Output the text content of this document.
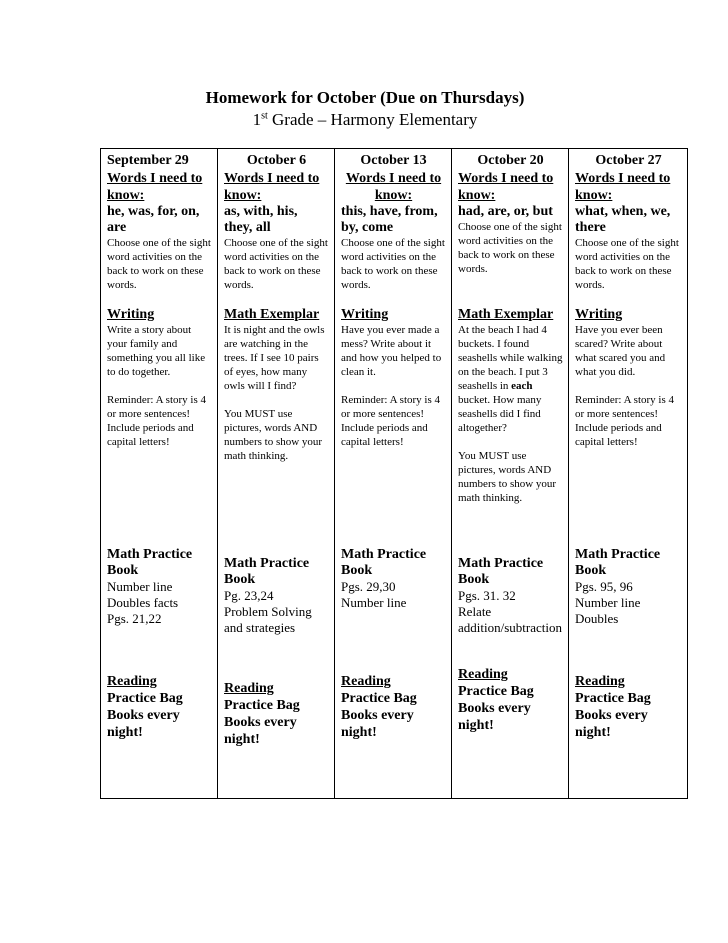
Homework for October (Due on Thursdays)
1st Grade – Harmony Elementary
September 29
Words I need to
know:
he, was, for, on, are
Choose one of the sight word activities on the back to work on these words.
Writing
Write a story about your family and something you all like to do together.

Reminder: A story is 4 or more sentences! Include periods and capital letters!
Math Practice
Book
Number line
Doubles facts
Pgs. 21,22
Reading
Practice Bag Books every night!
October 6
Words I need to
know:
as, with, his, they, all
Choose one of the sight word activities on the back to work on these words.
Math Exemplar
It is night and the owls are watching in the trees. If I see 10 pairs of eyes, how many owls will I find?

You MUST use pictures, words AND numbers to show your math thinking.
Math Practice
Book
Pg. 23,24
Problem Solving and strategies
Reading
Practice Bag Books every night!
October 13
Words I need to
know:
this, have, from, by, come
Choose one of the sight word activities on the back to work on these words.
Writing
Have you ever made a mess? Write about it and how you helped to clean it.

Reminder: A story is 4 or more sentences! Include periods and capital letters!
Math Practice
Book
Pgs. 29,30
Number line
Reading
Practice Bag Books every night!
October 20
Words I need to
know:
had, are, or, but
Choose one of the sight word activities on the back to work on these words.
Math Exemplar
At the beach I had 4 buckets. I found seashells while walking on the beach. I put 3 seashells in each bucket. How many seashells did I find altogether?

You MUST use pictures, words AND numbers to show your math thinking.
Math Practice
Book
Pgs. 31. 32
Relate addition/subtraction
Reading
Practice Bag Books every night!
October 27
Words I need to
know:
what, when, we, there
Choose one of the sight word activities on the back to work on these words.
Writing
Have you ever been scared? Write about what scared you and what you did.

Reminder: A story is 4 or more sentences! Include periods and capital letters!
Math Practice
Book
Pgs. 95, 96
Number line
Doubles
Reading
Practice Bag Books every night!
